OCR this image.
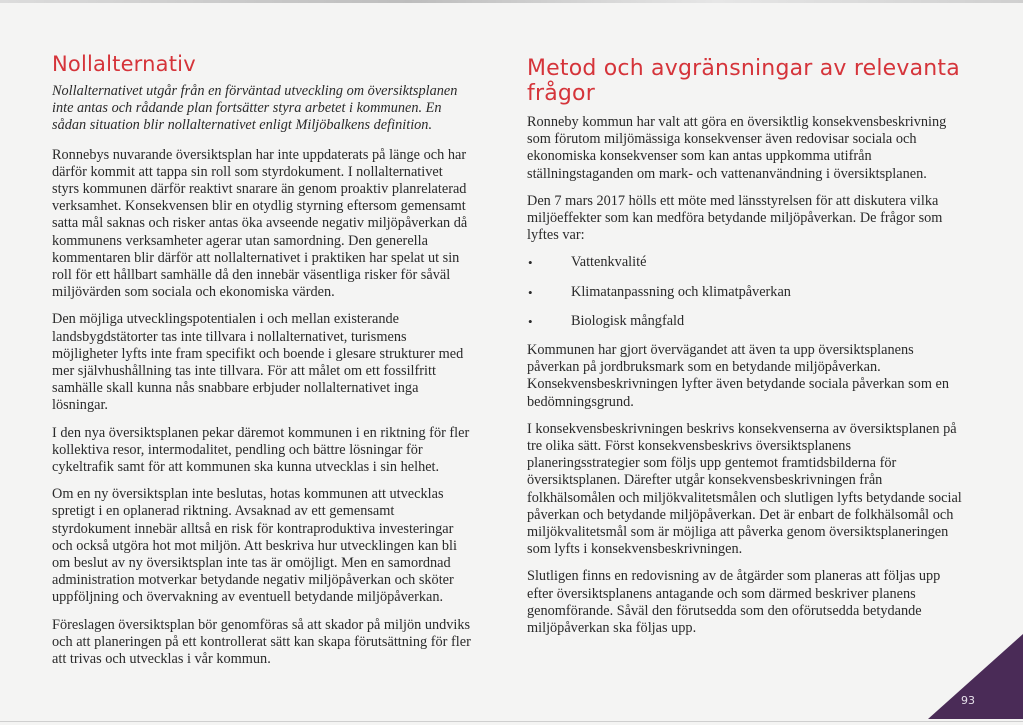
Nollalternativ

Nollalternativet utgår från en förväntad utveckling om översiktsplanen inte antas och rådande plan fortsätter styra arbetet i kommunen. En sådan situation blir nollalternativet enligt Miljöbalkens definition.

Ronnebys nuvarande översiktsplan har inte uppdaterats på länge och har därför kommit att tappa sin roll som styrdokument. I nollalternativet styrs kommunen därför reaktivt snarare än genom proaktiv planrelaterad verksamhet. Konsekvensen blir en otydlig styrning eftersom gemensamt satta mål saknas och risker antas öka avseende negativ miljöpåverkan då kommunens verksamheter agerar utan samordning. Den generella kommentaren blir därför att nollalternativet i praktiken har spelat ut sin roll för ett hållbart samhälle då den innebär väsentliga risker för såväl miljövärden som sociala och ekonomiska värden.

Den möjliga utvecklingspotentialen i och mellan existerande landsbygdstätorter tas inte tillvara i nollalternativet, turismens möjligheter lyfts inte fram specifikt och boende i glesare strukturer med mer självhushållning tas inte tillvara. För att målet om ett fossilfritt samhälle skall kunna nås snabbare erbjuder nollalternativet inga lösningar.

I den nya översiktsplanen pekar däremot kommunen i en riktning för fler kollektiva resor, intermodalitet, pendling och bättre lösningar för cykeltrafik samt för att kommunen ska kunna utvecklas i sin helhet.

Om en ny översiktsplan inte beslutas, hotas kommunen att utvecklas spretigt i en oplanerad riktning. Avsaknad av ett gemensamt styrdokument innebär alltså en risk för kontraproduktiva investeringar och också utgöra hot mot miljön. Att beskriva hur utvecklingen kan bli om beslut av ny översiktsplan inte tas är omöjligt. Men en samordnad administration motverkar betydande negativ miljöpåverkan och sköter uppföljning och övervakning av eventuell betydande miljöpåverkan.

Föreslagen översiktsplan bör genomföras så att skador på miljön undviks och att planeringen på ett kontrollerat sätt kan skapa förutsättning för fler att trivas och utvecklas i vår kommun.

Metod och avgränsningar av relevanta frågor

Ronneby kommun har valt att göra en översiktlig konsekvensbeskrivning som förutom miljömässiga konsekvenser även redovisar sociala och ekonomiska konsekvenser som kan antas uppkomma utifrån ställningstaganden om mark- och vattenanvändning i översiktsplanen.

Den 7 mars 2017 hölls ett möte med länsstyrelsen för att diskutera vilka miljöeffekter som kan medföra betydande miljöpåverkan. De frågor som lyftes var:

• Vattenkvalité
• Klimatanpassning och klimatpåverkan
• Biologisk mångfald

Kommunen har gjort övervägandet att även ta upp översiktsplanens påverkan på jordbruksmark som en betydande miljöpåverkan. Konsekvensbeskrivningen lyfter även betydande sociala påverkan som en bedömningsgrund.

I konsekvensbeskrivningen beskrivs konsekvenserna av översiktsplanen på tre olika sätt. Först konsekvensbeskrivs översiktsplanens planeringsstrategier som följs upp gentemot framtidsbilderna för översiktsplanen. Därefter utgår konsekvensbeskrivningen från folkhälsomålen och miljökvalitetsmålen och slutligen lyfts betydande social påverkan och betydande miljöpåverkan. Det är enbart de folkhälsomål och miljökvalitetsmål som är möjliga att påverka genom översiktsplaneringen som lyfts i konsekvensbeskrivningen.

Slutligen finns en redovisning av de åtgärder som planeras att följas upp efter översiktsplanens antagande och som därmed beskriver planens genomförande. Såväl den förutsedda som den oförutsedda betydande miljöpåverkan ska följas upp.

93
